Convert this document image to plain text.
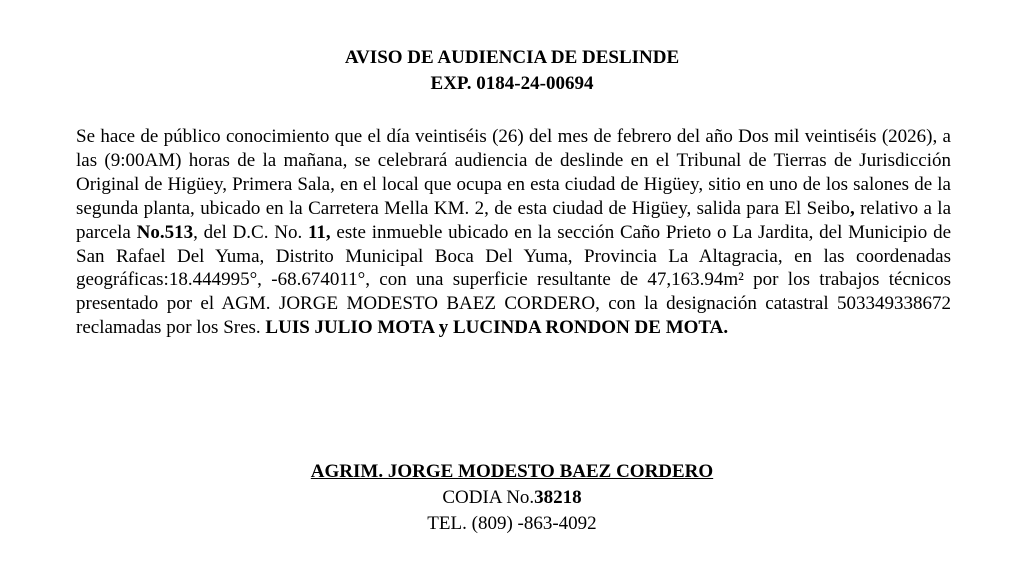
AVISO DE AUDIENCIA DE DESLINDE

EXP. 0184-24-00694

Se hace de público conocimiento que el día veintiséis (26) del mes de febrero del año Dos mil veintiséis (2026), a las (9:00AM) horas de la mañana, se celebrará audiencia de deslinde en el Tribunal de Tierras de Jurisdicción Original de Higüey, Primera Sala, en el local que ocupa en esta ciudad de Higüey, sitio en uno de los salones de la segunda planta, ubicado en la Carretera Mella KM. 2, de esta ciudad de Higüey, salida para El Seibo, relativo a la parcela No.513, del D.C. No. 11, este inmueble ubicado en la sección Caño Prieto o La Jardita, del Municipio de San Rafael Del Yuma, Distrito Municipal Boca Del Yuma, Provincia La Altagracia, en las coordenadas geográficas:18.444995°, -68.674011°, con una superficie resultante de 47,163.94m² por los trabajos técnicos presentado por el AGM. JORGE MODESTO BAEZ CORDERO, con la designación catastral 503349338672 reclamadas por los Sres. LUIS JULIO MOTA y LUCINDA RONDON DE MOTA.

AGRIM. JORGE MODESTO BAEZ CORDERO

CODIA No.38218

TEL. (809) -863-4092
